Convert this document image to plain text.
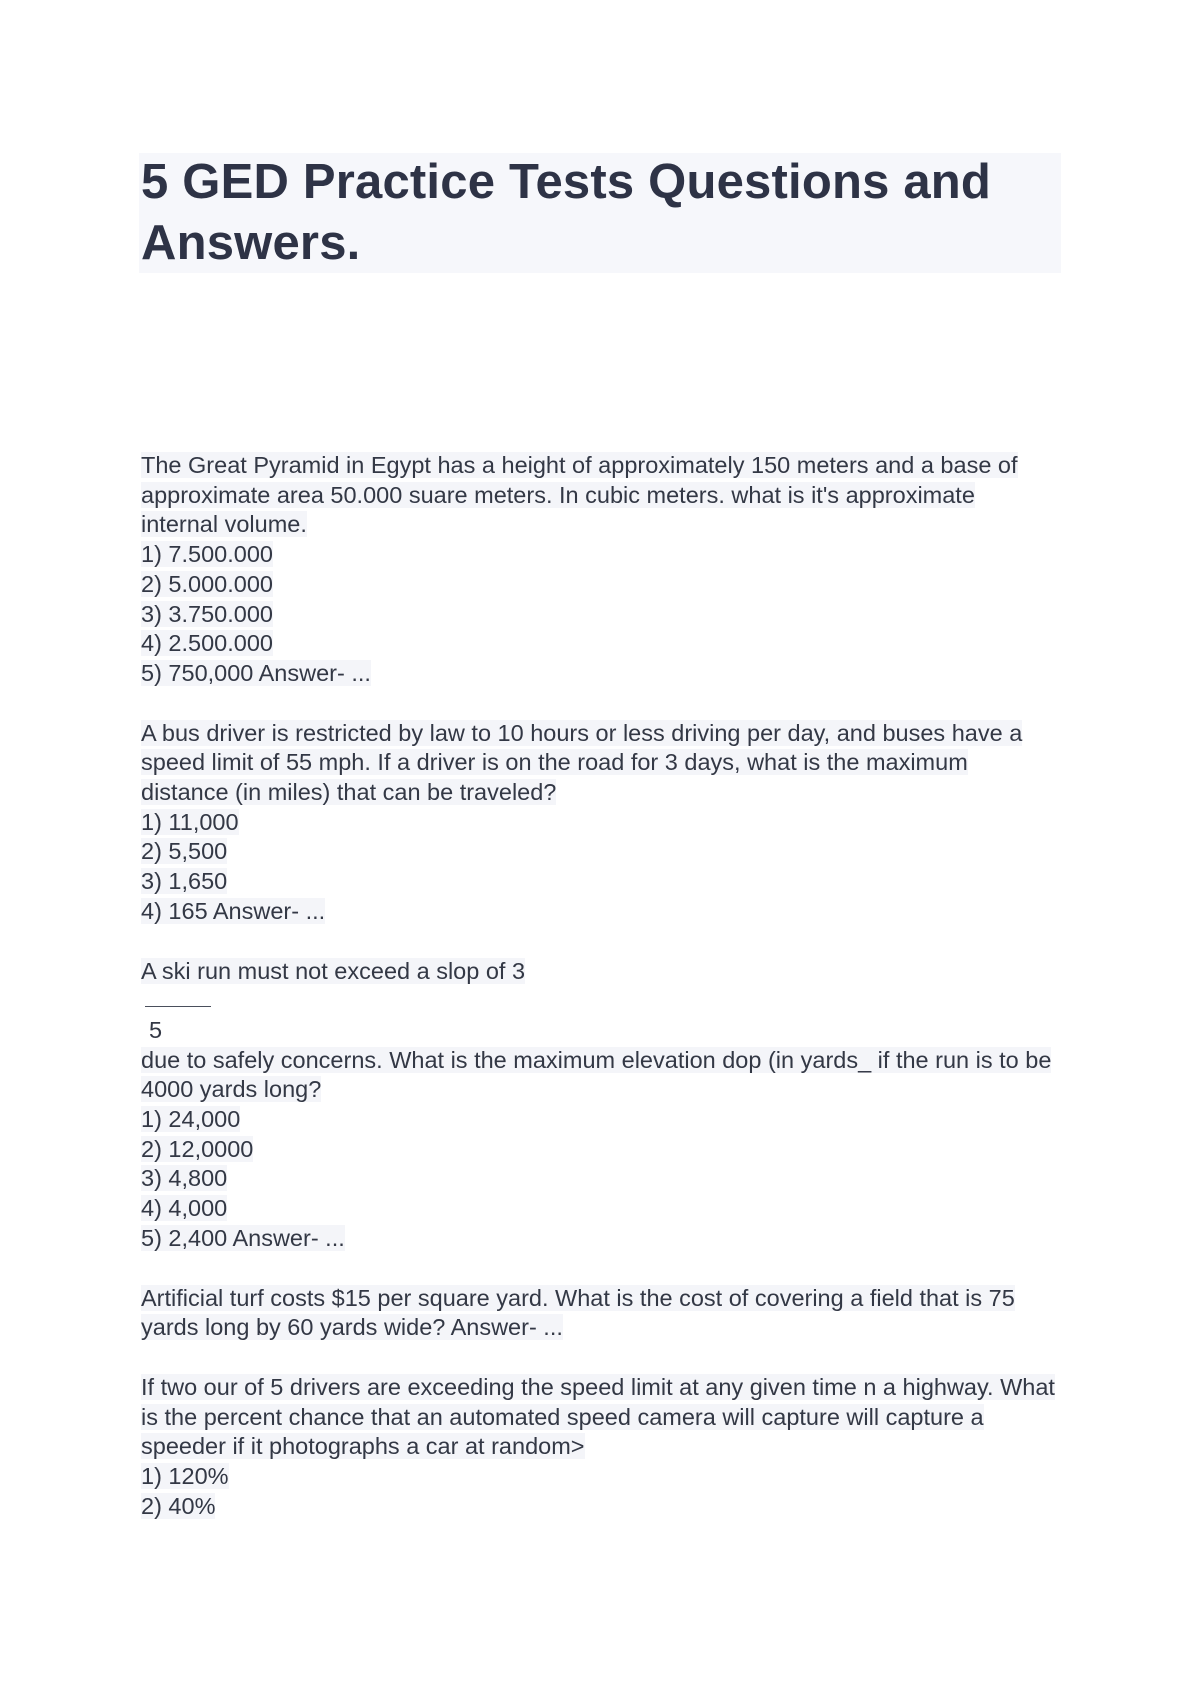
5 GED Practice Tests Questions and Answers.
The Great Pyramid in Egypt has a height of approximately 150 meters and a base of
approximate area 50.000 suare meters. In cubic meters. what is it's approximate
internal volume.
1) 7.500.000
2) 5.000.000
3) 3.750.000
4) 2.500.000
5) 750,000 Answer- ...
A bus driver is restricted by law to 10 hours or less driving per day, and buses have a
speed limit of 55 mph. If a driver is on the road for 3 days, what is the maximum
distance (in miles) that can be traveled?
1) 11,000
2) 5,500
3) 1,650
4) 165 Answer- ...
A ski run must not exceed a slop of 3
5
due to safely concerns. What is the maximum elevation dop (in yards_ if the run is to be
4000 yards long?
1) 24,000
2) 12,0000
3) 4,800
4) 4,000
5) 2,400 Answer- ...
Artificial turf costs $15 per square yard. What is the cost of covering a field that is 75
yards long by 60 yards wide? Answer- ...
If two our of 5 drivers are exceeding the speed limit at any given time n a highway. What
is the percent chance that an automated speed camera will capture will capture a
speeder if it photographs a car at random>
1) 120%
2) 40%
